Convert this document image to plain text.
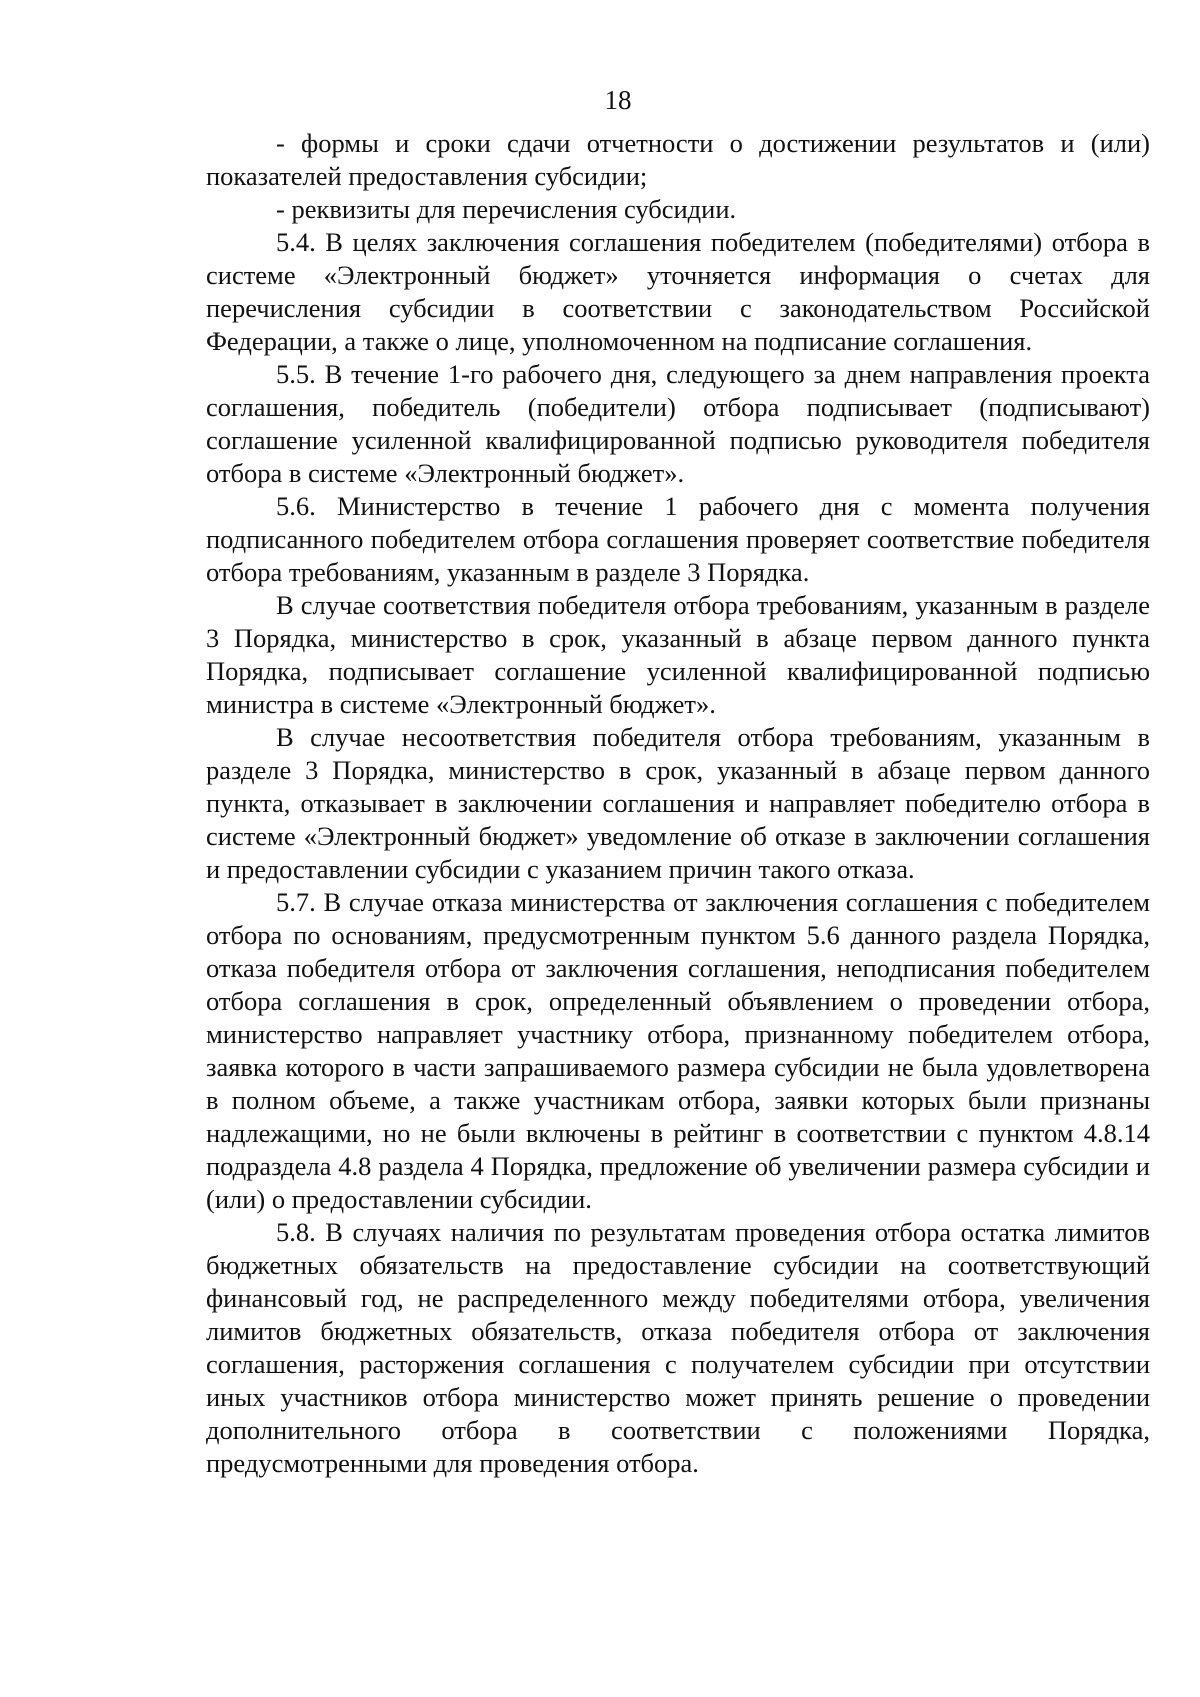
18

- формы и сроки сдачи отчетности о достижении результатов и (или) показателей предоставления субсидии;

- реквизиты для перечисления субсидии.

5.4. В целях заключения соглашения победителем (победителями) отбора в системе «Электронный бюджет» уточняется информация о счетах для перечисления субсидии в соответствии с законодательством Российской Федерации, а также о лице, уполномоченном на подписание соглашения.

5.5. В течение 1-го рабочего дня, следующего за днем направления проекта соглашения, победитель (победители) отбора подписывает (подписывают) соглашение усиленной квалифицированной подписью руководителя победителя отбора в системе «Электронный бюджет».

5.6. Министерство в течение 1 рабочего дня с момента получения подписанного победителем отбора соглашения проверяет соответствие победителя отбора требованиям, указанным в разделе 3 Порядка.

В случае соответствия победителя отбора требованиям, указанным в разделе 3 Порядка, министерство в срок, указанный в абзаце первом данного пункта Порядка, подписывает соглашение усиленной квалифицированной подписью министра в системе «Электронный бюджет».

В случае несоответствия победителя отбора требованиям, указанным в разделе 3 Порядка, министерство в срок, указанный в абзаце первом данного пункта, отказывает в заключении соглашения и направляет победителю отбора в системе «Электронный бюджет» уведомление об отказе в заключении соглашения и предоставлении субсидии с указанием причин такого отказа.

5.7. В случае отказа министерства от заключения соглашения с победителем отбора по основаниям, предусмотренным пунктом 5.6 данного раздела Порядка, отказа победителя отбора от заключения соглашения, неподписания победителем отбора соглашения в срок, определенный объявлением о проведении отбора, министерство направляет участнику отбора, признанному победителем отбора, заявка которого в части запрашиваемого размера субсидии не была удовлетворена в полном объеме, а также участникам отбора, заявки которых были признаны надлежащими, но не были включены в рейтинг в соответствии с пунктом 4.8.14 подраздела 4.8 раздела 4 Порядка, предложение об увеличении размера субсидии и (или) о предоставлении субсидии.

5.8. В случаях наличия по результатам проведения отбора остатка лимитов бюджетных обязательств на предоставление субсидии на соответствующий финансовый год, не распределенного между победителями отбора, увеличения лимитов бюджетных обязательств, отказа победителя отбора от заключения соглашения, расторжения соглашения с получателем субсидии при отсутствии иных участников отбора министерство может принять решение о проведении дополнительного отбора в соответствии с положениями Порядка, предусмотренными для проведения отбора.
